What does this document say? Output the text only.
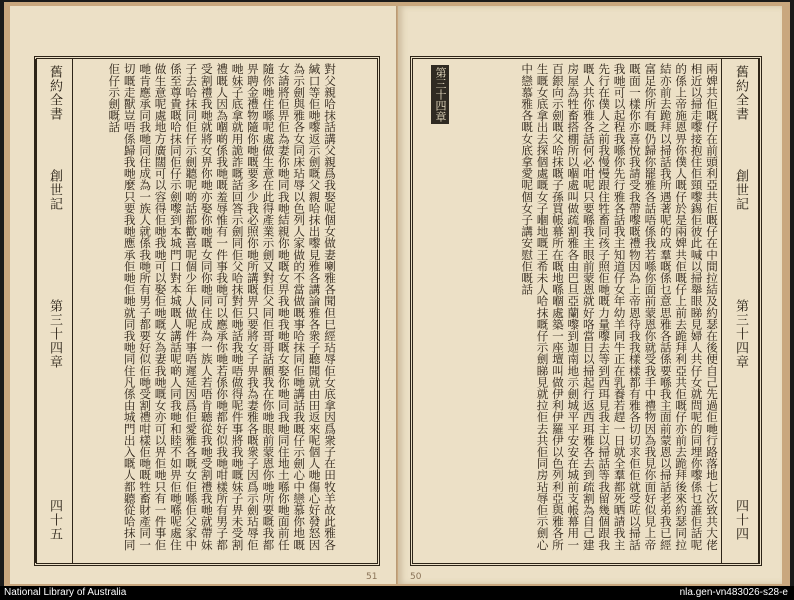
舊約全書
創世記
第三十四章
四十五	對父親哈抹話講父親爲我娶呢個女做妻喇雅各聞但巳經玷辱佢女底拿因爲衆子在田牧羊故此雅各緘口等佢哋嚟返示劍嘅父親哈抹出嚟見雅各講論雅各衆子聽聞就由田返來呢個人哋傷心好發怒因為示劍與雅各女同床玷辱以色列人家做的不當做嘅事哈抹同佢哋講話我嘅仔示劍心中戀慕你地嘅女請將佢畀佢為妻你哋同我哋結親你哋嘅女畀我哋我哋嘅女娶你哋同我哋同住地土喺你哋面前任隨你哋住喺呢處做生意在此得產業示劍又對佢父同佢哥哥話願我在你哋眼前蒙恩你哋所要嘅我都畀聘金禮物隨你哋嘅要多少我必照你哋所講嘅畀只要將女子畀我為妻雅各嘅衆子因爲示劍玷辱佢哋妹子底拿就用詭詐嘅話回答示劍同佢父哈抹對佢哋話我哋唔做得呢件事將我哋嘅妹子畀未受割禮嘅人因為嗰啲係我哋嘅羞辱惟有一件事我哋可以應承你哋若係你哋都好似我哋咁樣所有男子都受割禮我哋就將女畀你哋亦娶你哋嘅女同你哋同住成為一族人若唔肯聽從我哋受割禮我哋就帶妹子去哈抹同佢仔示劍聽呢啲話都歡喜呢個少年人做呢件事唔遲延因爲佢愛雅各嘅女佢喺佢父家中係至尊貴嘅哈抹同佢仔示劍嚟到本城門口對本城嘅人講話呢啲人同我哋和睦不如畀佢哋喺呢處住做生意呢處地方廣闊可以容得佢哋我哋可以娶佢哋嘅女為妻我哋嘅女亦可以畀佢哋只有一件事佢哋肯應承同我哋同住成為一族人就係我哋所有男子都要好似佢哋受割禮咁樣佢哋嘅牲畜財產同一切嘅走獸豈唔係歸我哋麼只要我哋應承佢哋佢哋就同我哋同住凡係由城門出入嘅人都聽從哈抹同佢仔示劍嘅話
51
舊約全書
創世記
第三十四章
四十四
兩婢共佢嘅仔在前頭利亞共佢嘅仔在中間拉結及約瑟在後便自己先過佢哋行路落地七次致共大佬相近以掃走嚟接抱住佢頸嚟錫佢彼此喊以掃舉眼睇見婦人共仔女就問呢的同埋你嚟係乜誰佢話呢的係上帝施恩畀你僕人嘅仔於是兩婢共佢嘅仔上前去跪拜利亞共佢嘅仔亦前去跪拜後來約瑟同拉結亦前去跪拜以掃話我所遇著呢的成羣嘅係乜意思雅各話係要喺我主面前蒙恩以掃話老弟我已經富足你所有嘅仍歸你罷雅各話唔係我若喺你面前蒙恩你就受我手中禮物因為我見你面好似見上帝嘅面一樣你亦喜悅我請受我帶嚟嘅禮物因為上帝恩待我我樣樣都有雅各切切求佢佢就受咗以掃話我哋可以起程我喺你先行雅各話我主知道仔女年幼羊同牛正在乳養若趕一日就全羣都死晒請我主先行在僕人之前我慢慢跟住牲畜同孩子照佢哋嘅力量嚟去等到西珥見我主以掃話等我留幾個跟我嘅人共你雅各話何必咁呢只要喺我主眼前蒙恩就好咯當日以掃起行返西珥雅各去到疏割為自己建房屋為牲畜搭棚所以嗰處叫做疏割雅各由巴旦亞蘭嚟到迦南地示劍城平平安安在城前支帳幕用一百銀向示劍嘅父哈抹嘅子孫買帳幕所在嘅地喺嗰處築一座壇叫做伊利伊羅伊以色列利亞與雅各所生嘅女底拿出去探個處嘅女子嗰地嘅王希未人哈抹嘅仔示劍睇見就拉佢去共佢同房玷辱佢示劍心中戀慕雅各嘅女底拿愛呢個女子講安慰佢嘅話
第三十四章
50
National Library of Australia	nla.gen-vn483026-s28-e
